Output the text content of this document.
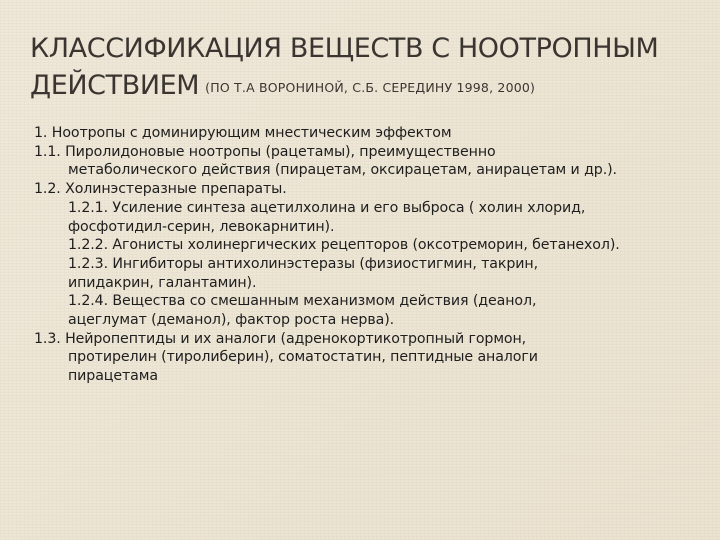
КЛАССИФИКАЦИЯ ВЕЩЕСТВ С НООТРОПНЫМ
ДЕЙСТВИЕМ (ПО Т.А ВОРОНИНОЙ, С.Б. СЕРЕДИНУ 1998, 2000)
1. Ноотропы с доминирующим мнестическим эффектом
1.1. Пиролидоновые ноотропы (рацетамы), преимущественно
метаболического действия (пирацетам, оксирацетам, анирацетам и др.).
1.2. Холинэстеразные препараты.
1.2.1. Усиление синтеза ацетилхолина и его выброса ( холин хлорид,
фосфотидил-серин, левокарнитин).
1.2.2. Агонисты холинергических рецепторов (оксотреморин, бетанехол).
1.2.3. Ингибиторы антихолинэстеразы (физиостигмин, такрин,
ипидакрин, галантамин).
1.2.4. Вещества со смешанным механизмом действия (деанол,
ацеглумат (деманол), фактор роста нерва).
1.3. Нейропептиды и их аналоги (адренокортикотропный гормон,
протирелин (тиролиберин), соматостатин, пептидные аналоги
пирацетама
